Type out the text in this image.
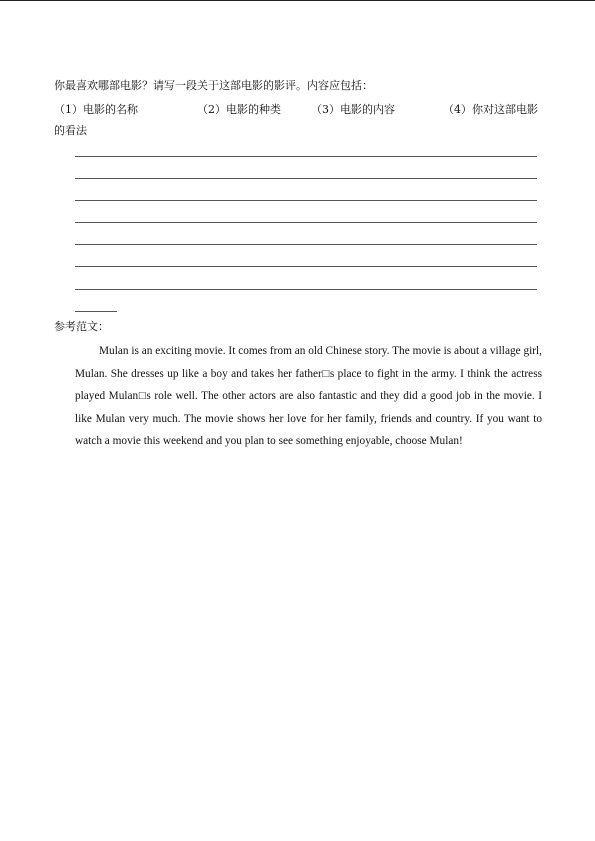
你最喜欢哪部电影？请写一段关于这部电影的影评。内容应包括：
（1）电影的名称	（2）电影的种类	（3）电影的内容	（4）你对这部电影
的看法
参考范文：

Mulan is an exciting movie. It comes from an old Chinese story. The movie is about a village girl, Mulan. She dresses up like a boy and takes her father□s place to fight in the army. I think the actress played Mulan□s role well. The other actors are also fantastic and they did a good job in the movie. I like Mulan very much. The movie shows her love for her family, friends and country. If you want to watch a movie this weekend and you plan to see something enjoyable, choose Mulan!
